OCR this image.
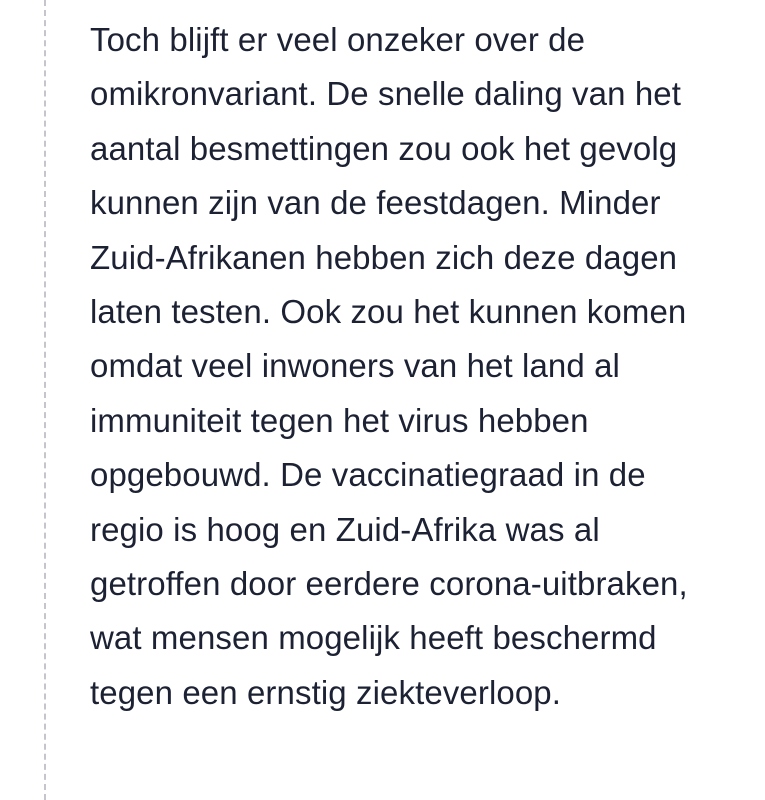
Toch blijft er veel onzeker over de
omikronvariant. De snelle daling van het
aantal besmettingen zou ook het gevolg
kunnen zijn van de feestdagen. Minder
Zuid-Afrikanen hebben zich deze dagen
laten testen. Ook zou het kunnen komen
omdat veel inwoners van het land al
immuniteit tegen het virus hebben
opgebouwd. De vaccinatiegraad in de
regio is hoog en Zuid-Afrika was al
getroffen door eerdere corona-uitbraken,
wat mensen mogelijk heeft beschermd
tegen een ernstig ziekteverloop.
